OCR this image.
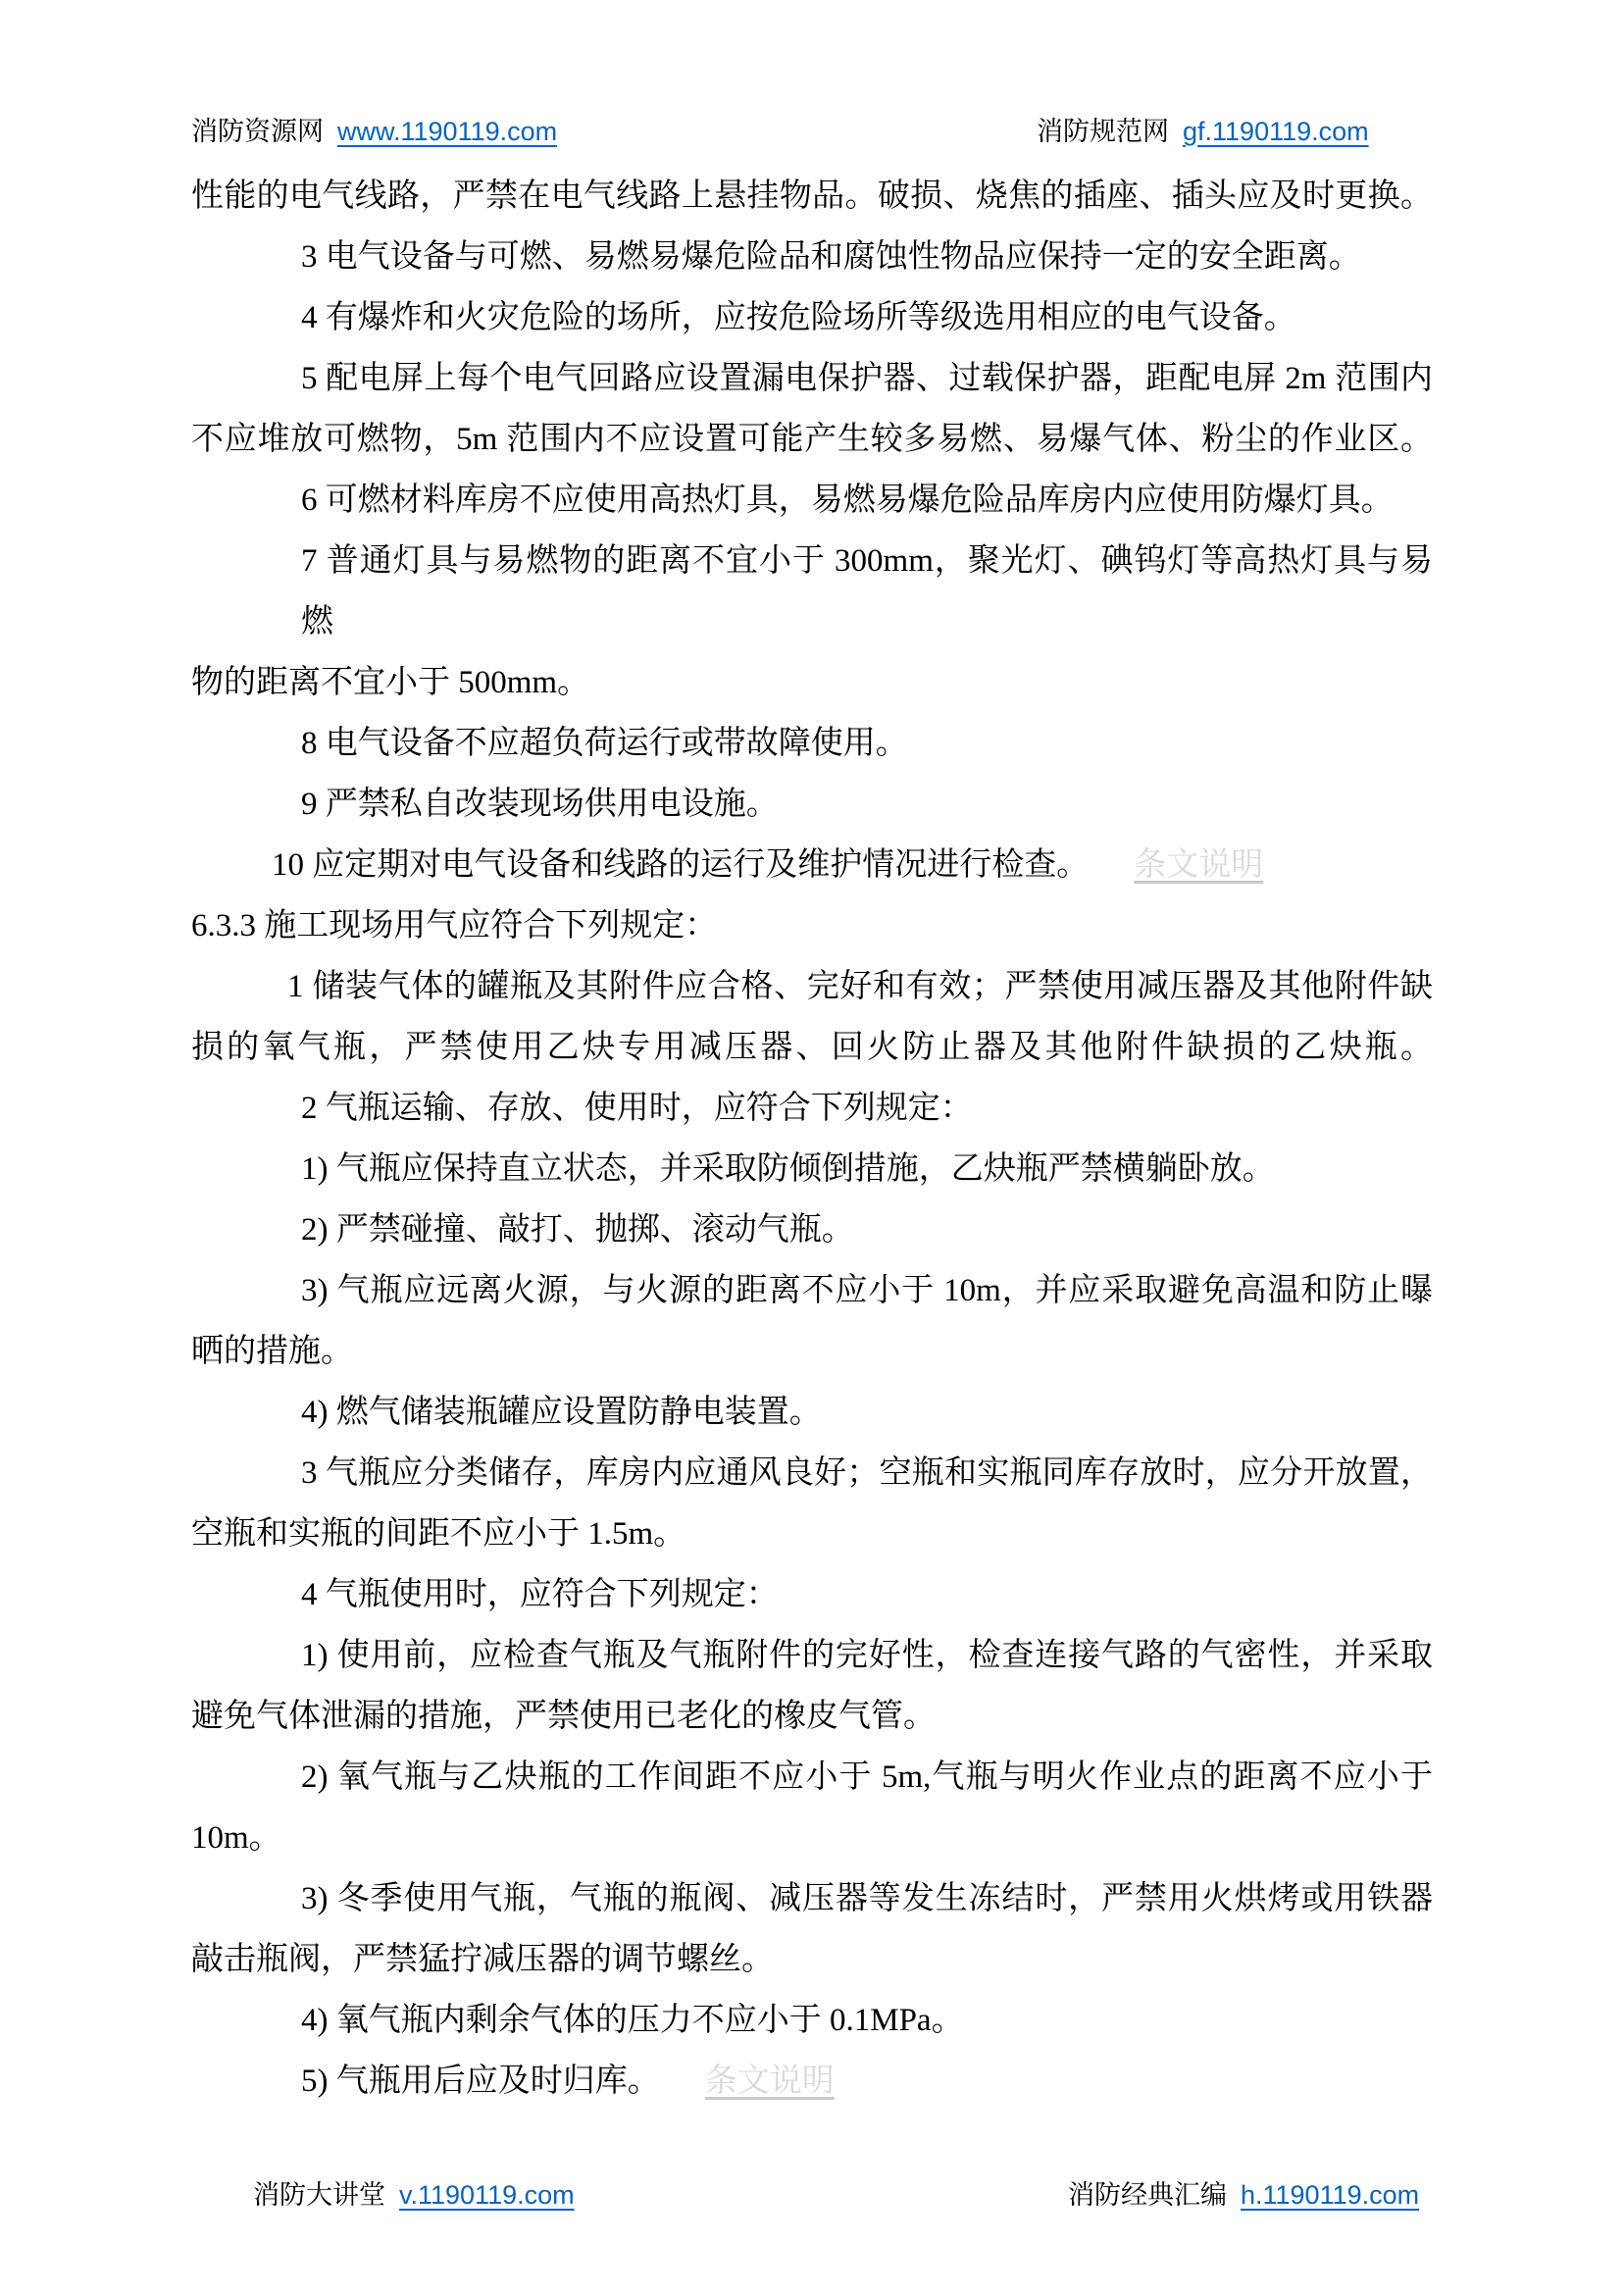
消防资源网 www.1190119.com	消防规范网 gf.1190119.com
性能的电气线路，严禁在电气线路上悬挂物品。破损、烧焦的插座、插头应及时更换。
3 电气设备与可燃、易燃易爆危险品和腐蚀性物品应保持一定的安全距离。
4 有爆炸和火灾危险的场所，应按危险场所等级选用相应的电气设备。
5 配电屏上每个电气回路应设置漏电保护器、过载保护器，距配电屏 2m 范围内
不应堆放可燃物，5m 范围内不应设置可能产生较多易燃、易爆气体、粉尘的作业区。
6 可燃材料库房不应使用高热灯具，易燃易爆危险品库房内应使用防爆灯具。
7 普通灯具与易燃物的距离不宜小于 300mm，聚光灯、碘钨灯等高热灯具与易燃
物的距离不宜小于 500mm。
8 电气设备不应超负荷运行或带故障使用。
9 严禁私自改装现场供用电设施。
10 应定期对电气设备和线路的运行及维护情况进行检查。 条文说明
6.3.3 施工现场用气应符合下列规定：
1 储装气体的罐瓶及其附件应合格、完好和有效；严禁使用减压器及其他附件缺
损的氧气瓶，严禁使用乙炔专用减压器、回火防止器及其他附件缺损的乙炔瓶。
2 气瓶运输、存放、使用时，应符合下列规定：
1) 气瓶应保持直立状态，并采取防倾倒措施，乙炔瓶严禁横躺卧放。
2) 严禁碰撞、敲打、抛掷、滚动气瓶。
3) 气瓶应远离火源，与火源的距离不应小于 10m，并应采取避免高温和防止曝
晒的措施。
4) 燃气储装瓶罐应设置防静电装置。
3 气瓶应分类储存，库房内应通风良好；空瓶和实瓶同库存放时，应分开放置，
空瓶和实瓶的间距不应小于 1.5m。
4 气瓶使用时，应符合下列规定：
1) 使用前，应检查气瓶及气瓶附件的完好性，检查连接气路的气密性，并采取
避免气体泄漏的措施，严禁使用已老化的橡皮气管。
2) 氧气瓶与乙炔瓶的工作间距不应小于 5m,气瓶与明火作业点的距离不应小于
10m。
3) 冬季使用气瓶，气瓶的瓶阀、减压器等发生冻结时，严禁用火烘烤或用铁器
敲击瓶阀，严禁猛拧减压器的调节螺丝。
4) 氧气瓶内剩余气体的压力不应小于 0.1MPa。
5) 气瓶用后应及时归库。 条文说明
消防大讲堂 v.1190119.com	消防经典汇编 h.1190119.com
